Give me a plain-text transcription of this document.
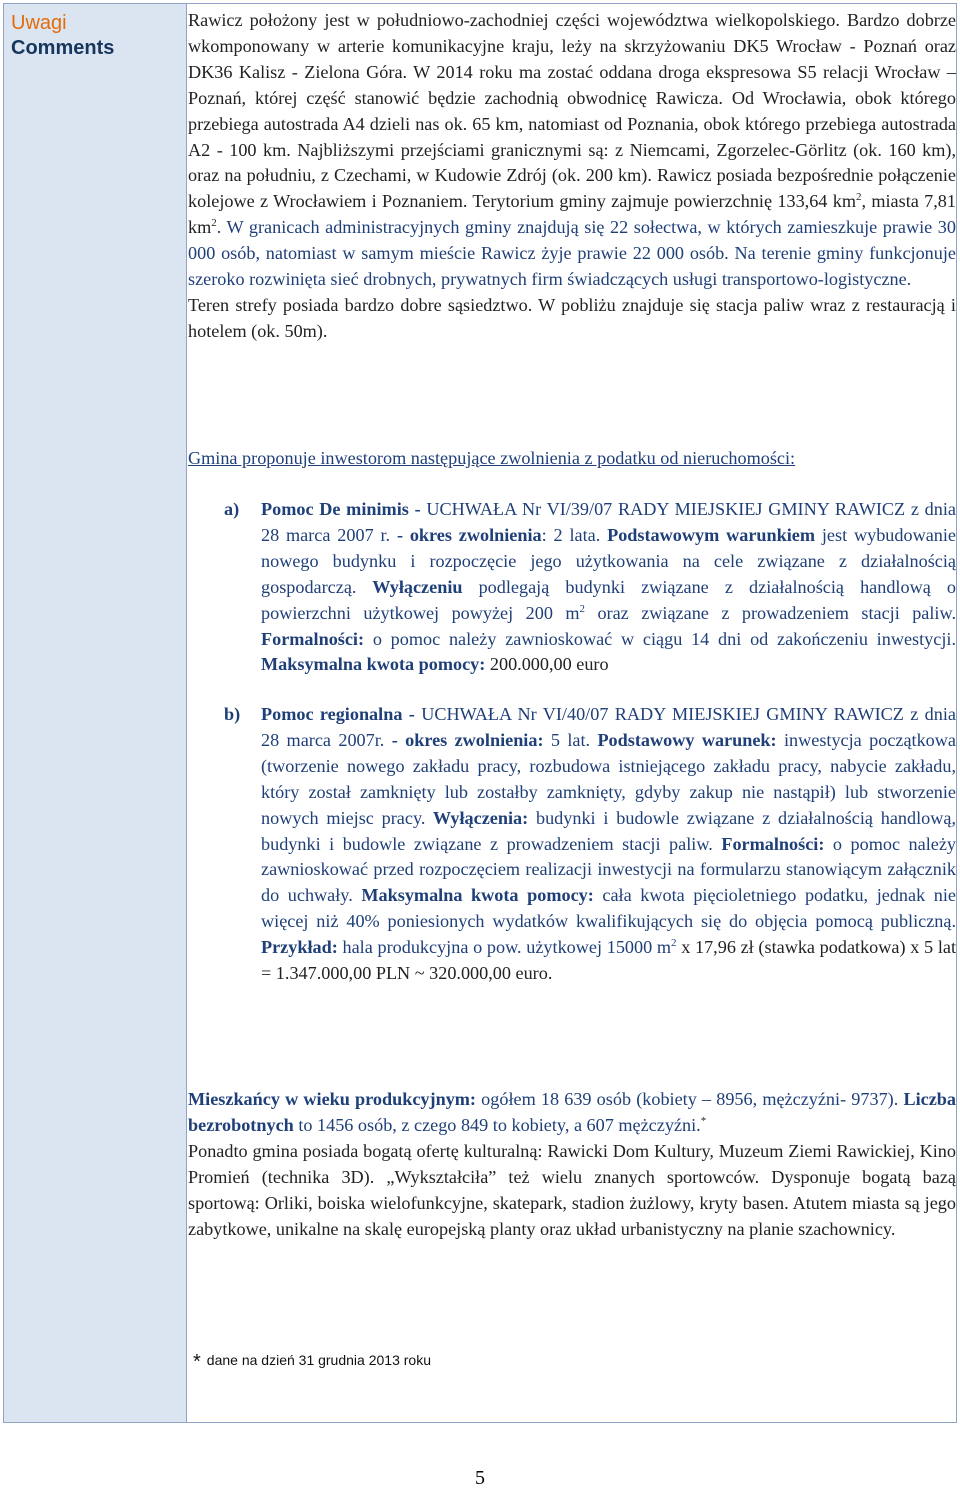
Uwagi
Comments

Rawicz położony jest w południowo-zachodniej części województwa wielkopolskiego. Bardzo dobrze wkomponowany w arterie komunikacyjne kraju, leży na skrzyżowaniu DK5 Wrocław - Poznań oraz DK36 Kalisz - Zielona Góra. W 2014 roku ma zostać oddana droga ekspresowa S5 relacji Wrocław – Poznań, której część stanowić będzie zachodnią obwodnicę Rawicza. Od Wrocławia, obok którego przebiega autostrada A4 dzieli nas ok. 65 km, natomiast od Poznania, obok którego przebiega autostrada A2 - 100 km. Najbliższymi przejściami granicznymi są: z Niemcami, Zgorzelec-Görlitz (ok. 160 km), oraz na południu, z Czechami, w Kudowie Zdrój (ok. 200 km). Rawicz posiada bezpośrednie połączenie kolejowe z Wrocławiem i Poznaniem. Terytorium gminy zajmuje powierzchnię 133,64 $km^2$, miasta 7,81 $km^2$. W granicach administracyjnych gminy znajdują się 22 sołectwa, w których zamieszkuje prawie 30 000 osób, natomiast w samym mieście Rawicz żyje prawie 22 000 osób. Na terenie gminy funkcjonuje szeroko rozwinięta sieć drobnych, prywatnych firm świadczących usługi transportowo-logistyczne.

Teren strefy posiada bardzo dobre sąsiedztwo. W pobliżu znajduje się stacja paliw wraz z restauracją i hotelem (ok. 50m).

Gmina proponuje inwestorom następujące zwolnienia z podatku od nieruchomości:
a) Pomoc De minimis - UCHWAŁA Nr VI/39/07 RADY MIEJSKIEJ GMINY RAWICZ z dnia 28 marca 2007 r. - okres zwolnienia: 2 lata. Podstawowym warunkiem jest wybudowanie nowego budynku i rozpoczęcie jego użytkowania na cele związane z działalnością gospodarczą. Wyłączeniu podlegają budynki związane z działalnością handlową o powierzchni użytkowej powyżej 200 $m^2$ oraz związane z prowadzeniem stacji paliw. Formalności: o pomoc należy zawnioskować w ciągu 14 dni od zakończeniu inwestycji. Maksymalna kwota pomocy: 200.000,00 euro
b) Pomoc regionalna - UCHWAŁA Nr VI/40/07 RADY MIEJSKIEJ GMINY RAWICZ z dnia 28 marca 2007r. - okres zwolnienia: 5 lat. Podstawowy warunek: inwestycja początkowa (tworzenie nowego zakładu pracy, rozbudowa istniejącego zakładu pracy, nabycie zakładu, który został zamknięty lub zostałby zamknięty, gdyby zakup nie nastąpił) lub stworzenie nowych miejsc pracy. Wyłączenia: budynki i budowle związane z działalnością handlową, budynki i budowle związane z prowadzeniem stacji paliw. Formalności: o pomoc należy zawnioskować przed rozpoczęciem realizacji inwestycji na formularzu stanowiącym załącznik do uchwały. Maksymalna kwota pomocy: cała kwota pięcioletniego podatku, jednak nie więcej niż 40% poniesionych wydatków kwalifikujących się do objęcia pomocą publiczną. Przykład: hala produkcyjna o pow. użytkowej 15000 $m^2$ x 17,96 zł (stawka podatkowa) x 5 lat = 1.347.000,00 PLN ~ 320.000,00 euro.

Mieszkańcy w wieku produkcyjnym: ogółem 18 639 osób (kobiety – 8956, mężczyźni- 9737). Liczba bezrobotnych to 1456 osób, z czego 849 to kobiety, a 607 mężczyźni.*

Ponadto gmina posiada bogatą ofertę kulturalną: Rawicki Dom Kultury, Muzeum Ziemi Rawickiej, Kino Promień (technika 3D). „Wykształciła” też wielu znanych sportowców. Dysponuje bogatą bazą sportową: Orliki, boiska wielofunkcyjne, skatepark, stadion żużlowy, kryty basen. Atutem miasta są jego zabytkowe, unikalne na skalę europejską planty oraz układ urbanistyczny na planie szachownicy.

* dane na dzień 31 grudnia 2013 roku
5
